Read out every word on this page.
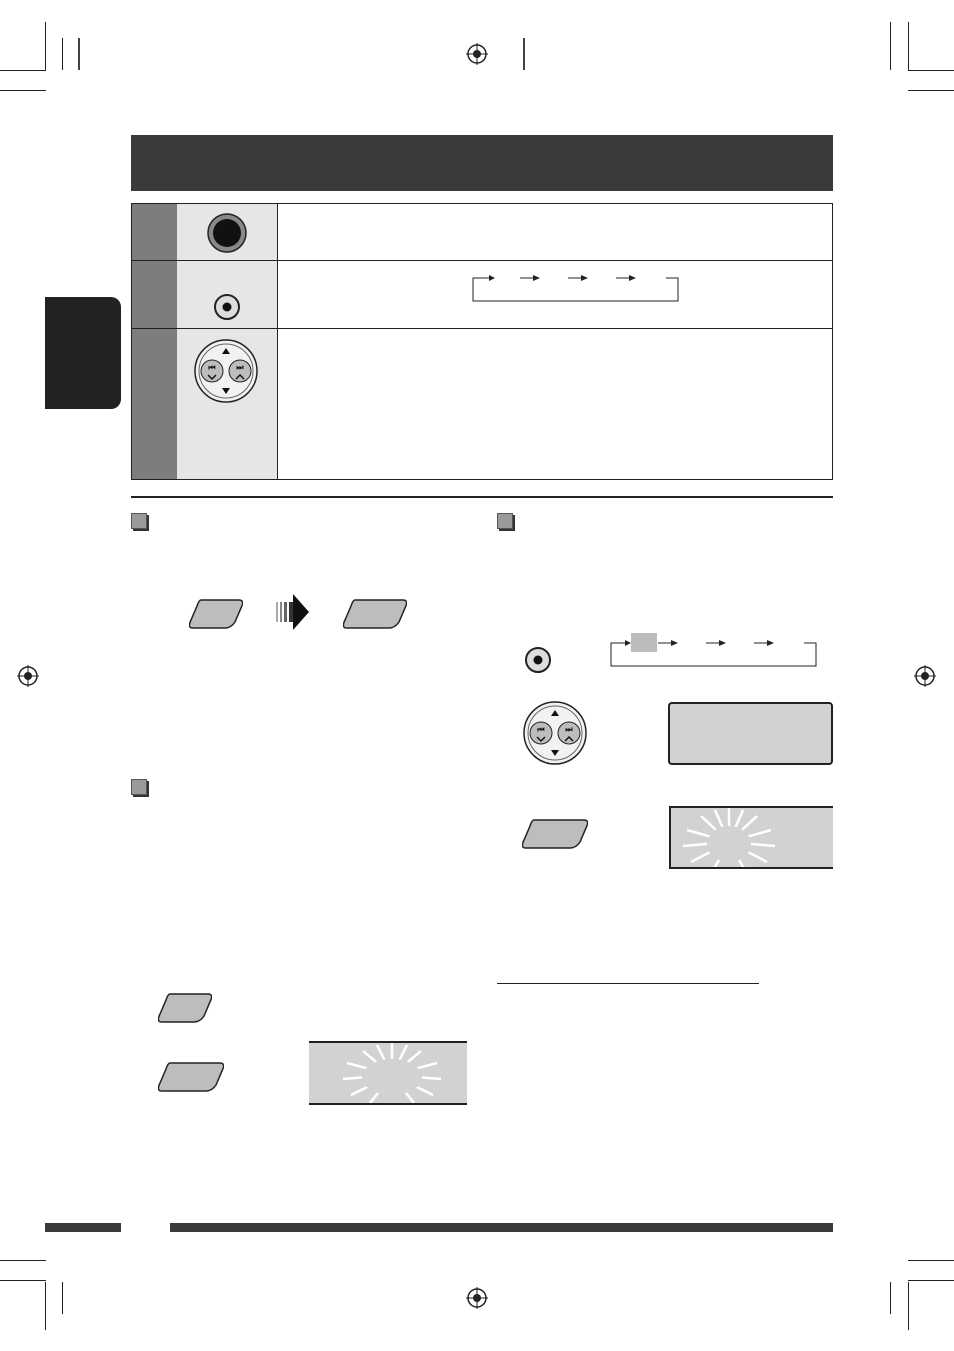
⏮	⏭
⏮	⏭
